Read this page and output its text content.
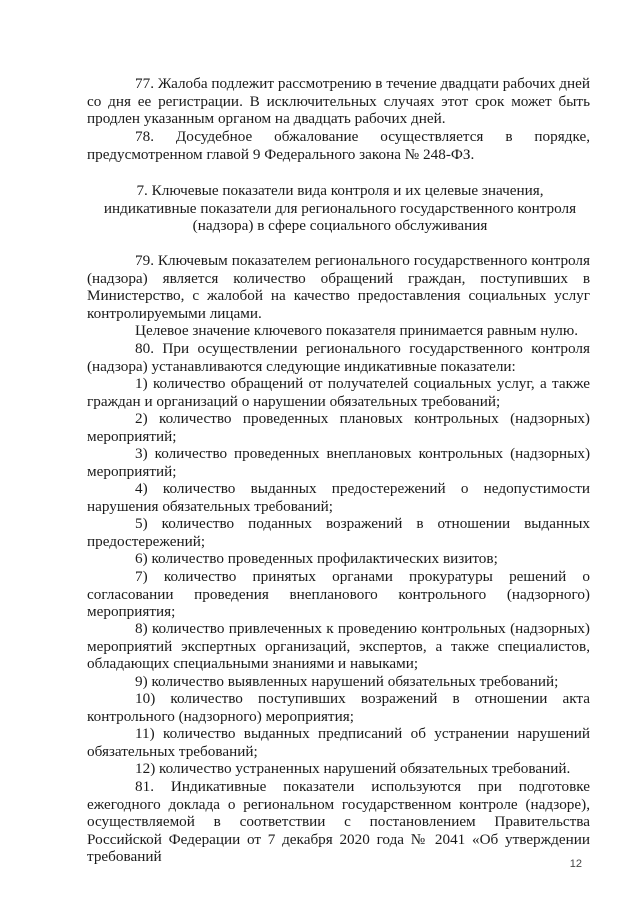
77. Жалоба подлежит рассмотрению в течение двадцати рабочих дней со дня ее регистрации. В исключительных случаях этот срок может быть продлен указанным органом на двадцать рабочих дней.

78. Досудебное обжалование осуществляется в порядке, предусмотренном главой 9 Федерального закона № 248-ФЗ.

7. Ключевые показатели вида контроля и их целевые значения, индикативные показатели для регионального государственного контроля (надзора) в сфере социального обслуживания

79. Ключевым показателем регионального государственного контроля (надзора) является количество обращений граждан, поступивших в Министерство, с жалобой на качество предоставления социальных услуг контролируемыми лицами.

Целевое значение ключевого показателя принимается равным нулю.

80. При осуществлении регионального государственного контроля (надзора) устанавливаются следующие индикативные показатели:

1) количество обращений от получателей социальных услуг, а также граждан и организаций о нарушении обязательных требований;

2) количество проведенных плановых контрольных (надзорных) мероприятий;

3) количество проведенных внеплановых контрольных (надзорных) мероприятий;

4) количество выданных предостережений о недопустимости нарушения обязательных требований;

5) количество поданных возражений в отношении выданных предостережений;

6) количество проведенных профилактических визитов;

7) количество принятых органами прокуратуры решений о согласовании проведения внепланового контрольного (надзорного) мероприятия;

8) количество привлеченных к проведению контрольных (надзорных) мероприятий экспертных организаций, экспертов, а также специалистов, обладающих специальными знаниями и навыками;

9) количество выявленных нарушений обязательных требований;

10) количество поступивших возражений в отношении акта контрольного (надзорного) мероприятия;

11) количество выданных предписаний об устранении нарушений обязательных требований;

12) количество устраненных нарушений обязательных требований.

81. Индикативные показатели используются при подготовке ежегодного доклада о региональном государственном контроле (надзоре), осуществляемой в соответствии с постановлением Правительства Российской Федерации от 7 декабря 2020 года № 2041 «Об утверждении требований	12
